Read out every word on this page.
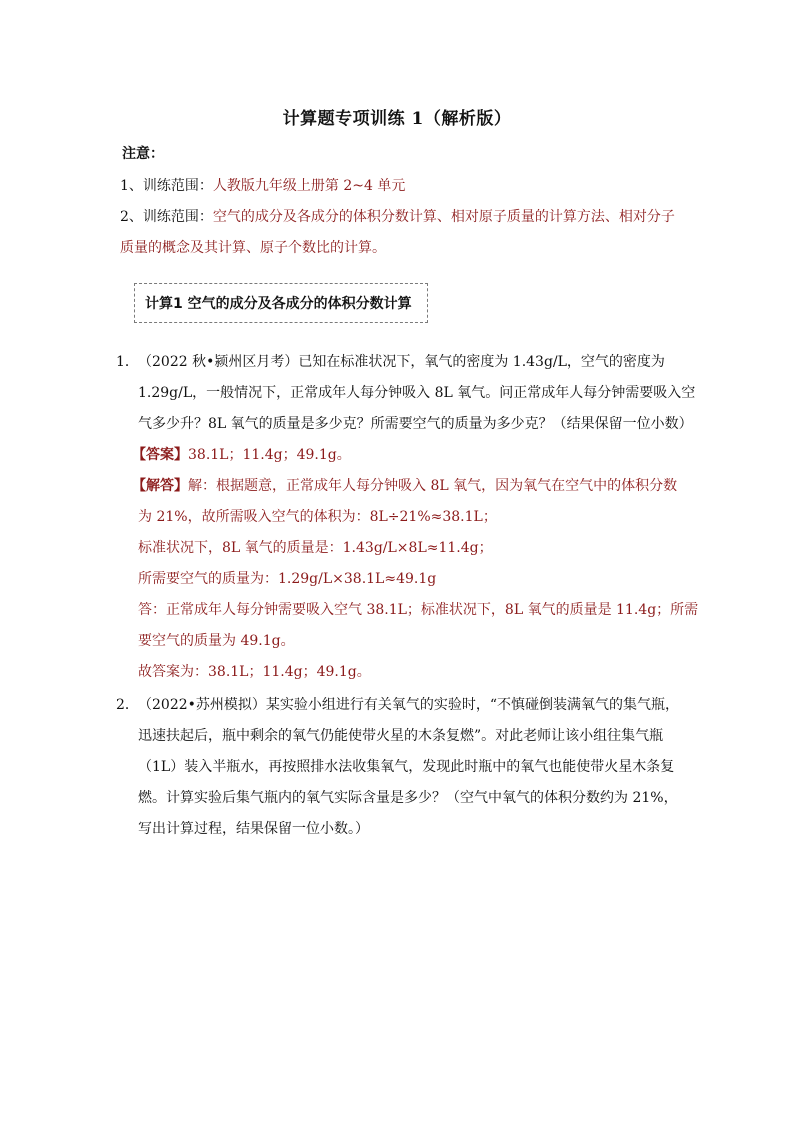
计算题专项训练 1（解析版）
注意：
1、训练范围：人教版九年级上册第 2~4 单元
2、训练范围：空气的成分及各成分的体积分数计算、相对原子质量的计算方法、相对分子
质量的概念及其计算、原子个数比的计算。
计算1 空气的成分及各成分的体积分数计算
1． （2022 秋•颍州区月考）已知在标准状况下，氧气的密度为 1.43g/L，空气的密度为
1.29g/L，一般情况下，正常成年人每分钟吸入 8L 氧气。问正常成年人每分钟需要吸入空
气多少升？8L 氧气的质量是多少克？所需要空气的质量为多少克？（结果保留一位小数）
【答案】38.1L；11.4g；49.1g。
【解答】解：根据题意，正常成年人每分钟吸入 8L 氧气，因为氧气在空气中的体积分数
为 21%，故所需吸入空气的体积为：8L÷21%≈38.1L；
标准状况下，8L 氧气的质量是：1.43g/L×8L≈11.4g；
所需要空气的质量为：1.29g/L×38.1L≈49.1g
答：正常成年人每分钟需要吸入空气 38.1L；标准状况下，8L 氧气的质量是 11.4g；所需
要空气的质量为 49.1g。
故答案为：38.1L；11.4g；49.1g。
2． （2022•苏州模拟）某实验小组进行有关氧气的实验时，“不慎碰倒装满氧气的集气瓶，
迅速扶起后，瓶中剩余的氧气仍能使带火星的木条复燃”。对此老师让该小组往集气瓶
（1L）装入半瓶水，再按照排水法收集氧气，发现此时瓶中的氧气也能使带火星木条复
燃。计算实验后集气瓶内的氧气实际含量是多少？（空气中氧气的体积分数约为 21%，
写出计算过程，结果保留一位小数。）
